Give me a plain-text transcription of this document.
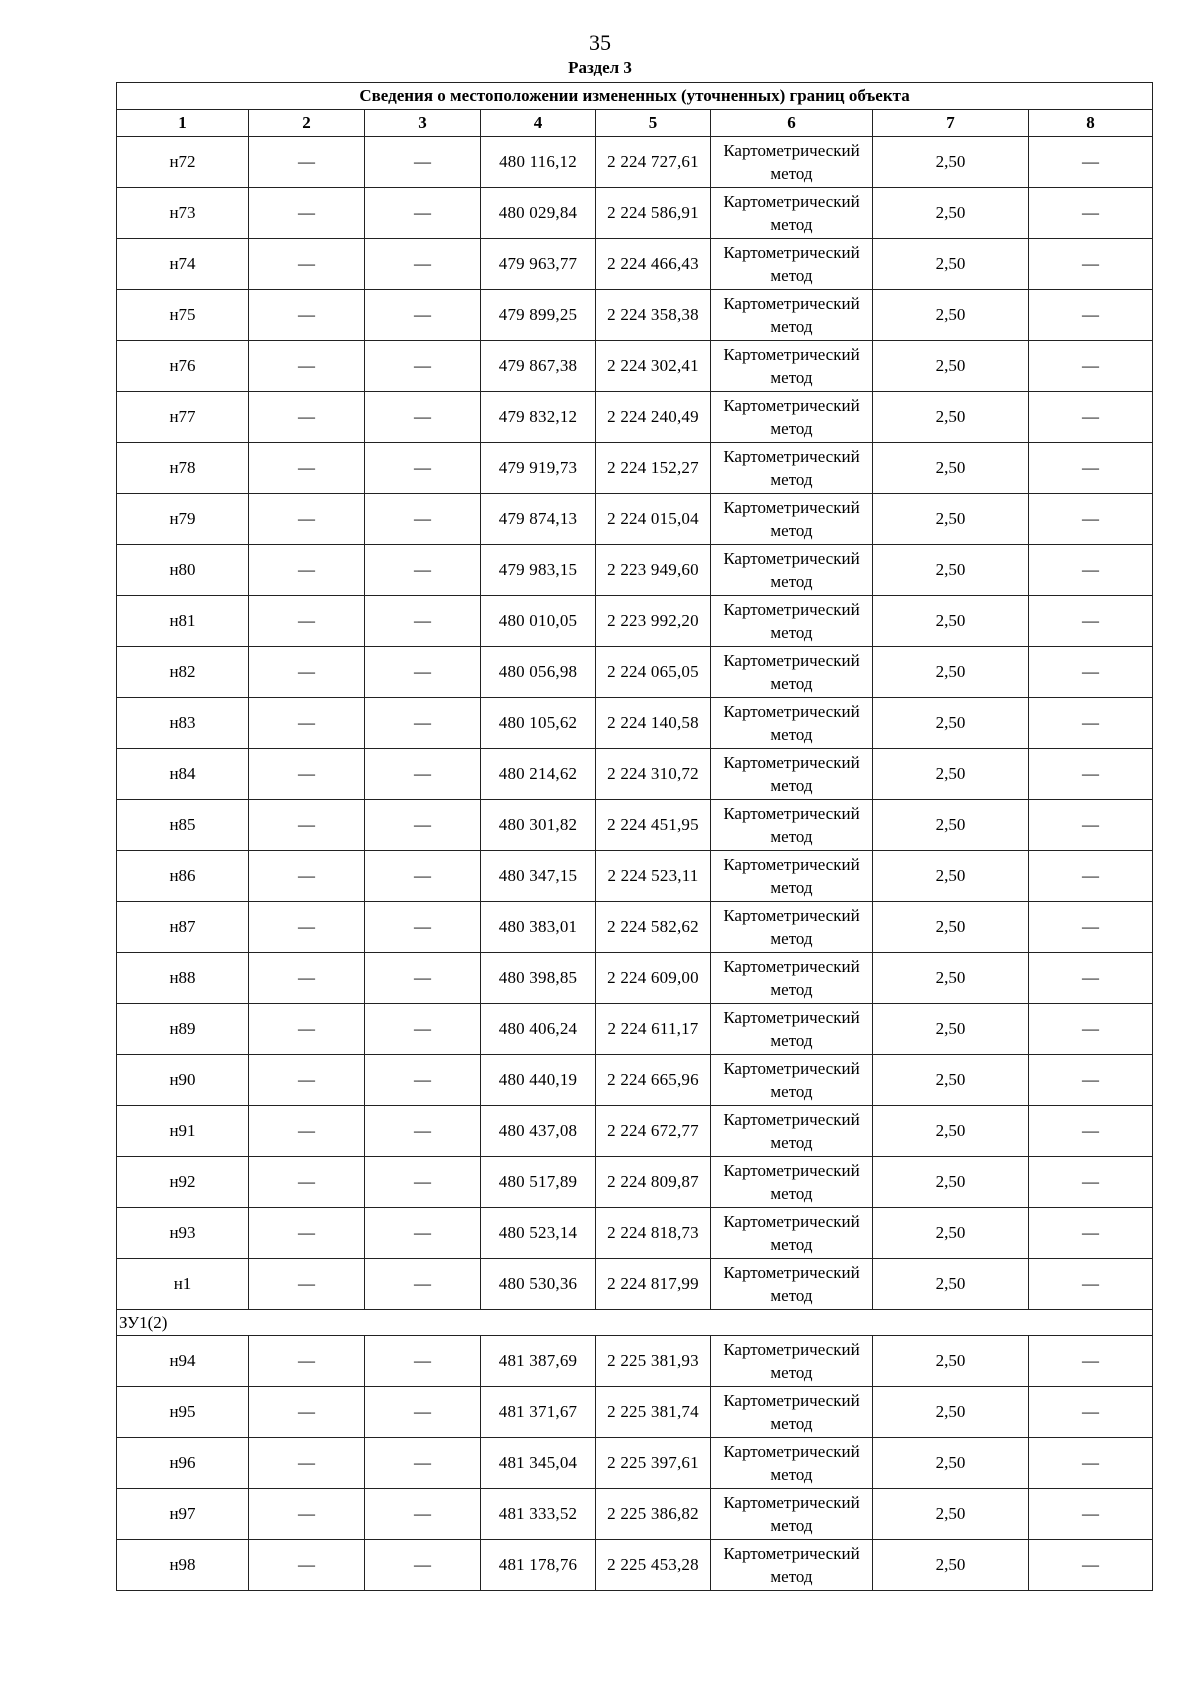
35
Раздел 3
Сведения о местоположении измененных (уточненных) границ объекта							
1	2	3	4	5	6	7	8
н72	—	—	480 116,12	2 224 727,61	Картометрический метод	2,50	—
н73	—	—	480 029,84	2 224 586,91	Картометрический метод	2,50	—
н74	—	—	479 963,77	2 224 466,43	Картометрический метод	2,50	—
н75	—	—	479 899,25	2 224 358,38	Картометрический метод	2,50	—
н76	—	—	479 867,38	2 224 302,41	Картометрический метод	2,50	—
н77	—	—	479 832,12	2 224 240,49	Картометрический метод	2,50	—
н78	—	—	479 919,73	2 224 152,27	Картометрический метод	2,50	—
н79	—	—	479 874,13	2 224 015,04	Картометрический метод	2,50	—
н80	—	—	479 983,15	2 223 949,60	Картометрический метод	2,50	—
н81	—	—	480 010,05	2 223 992,20	Картометрический метод	2,50	—
н82	—	—	480 056,98	2 224 065,05	Картометрический метод	2,50	—
н83	—	—	480 105,62	2 224 140,58	Картометрический метод	2,50	—
н84	—	—	480 214,62	2 224 310,72	Картометрический метод	2,50	—
н85	—	—	480 301,82	2 224 451,95	Картометрический метод	2,50	—
н86	—	—	480 347,15	2 224 523,11	Картометрический метод	2,50	—
н87	—	—	480 383,01	2 224 582,62	Картометрический метод	2,50	—
н88	—	—	480 398,85	2 224 609,00	Картометрический метод	2,50	—
н89	—	—	480 406,24	2 224 611,17	Картометрический метод	2,50	—
н90	—	—	480 440,19	2 224 665,96	Картометрический метод	2,50	—
н91	—	—	480 437,08	2 224 672,77	Картометрический метод	2,50	—
н92	—	—	480 517,89	2 224 809,87	Картометрический метод	2,50	—
н93	—	—	480 523,14	2 224 818,73	Картометрический метод	2,50	—
н1	—	—	480 530,36	2 224 817,99	Картометрический метод	2,50	—
ЗУ1(2)							
н94	—	—	481 387,69	2 225 381,93	Картометрический метод	2,50	—
н95	—	—	481 371,67	2 225 381,74	Картометрический метод	2,50	—
н96	—	—	481 345,04	2 225 397,61	Картометрический метод	2,50	—
н97	—	—	481 333,52	2 225 386,82	Картометрический метод	2,50	—
н98	—	—	481 178,76	2 225 453,28	Картометрический метод	2,50	—
